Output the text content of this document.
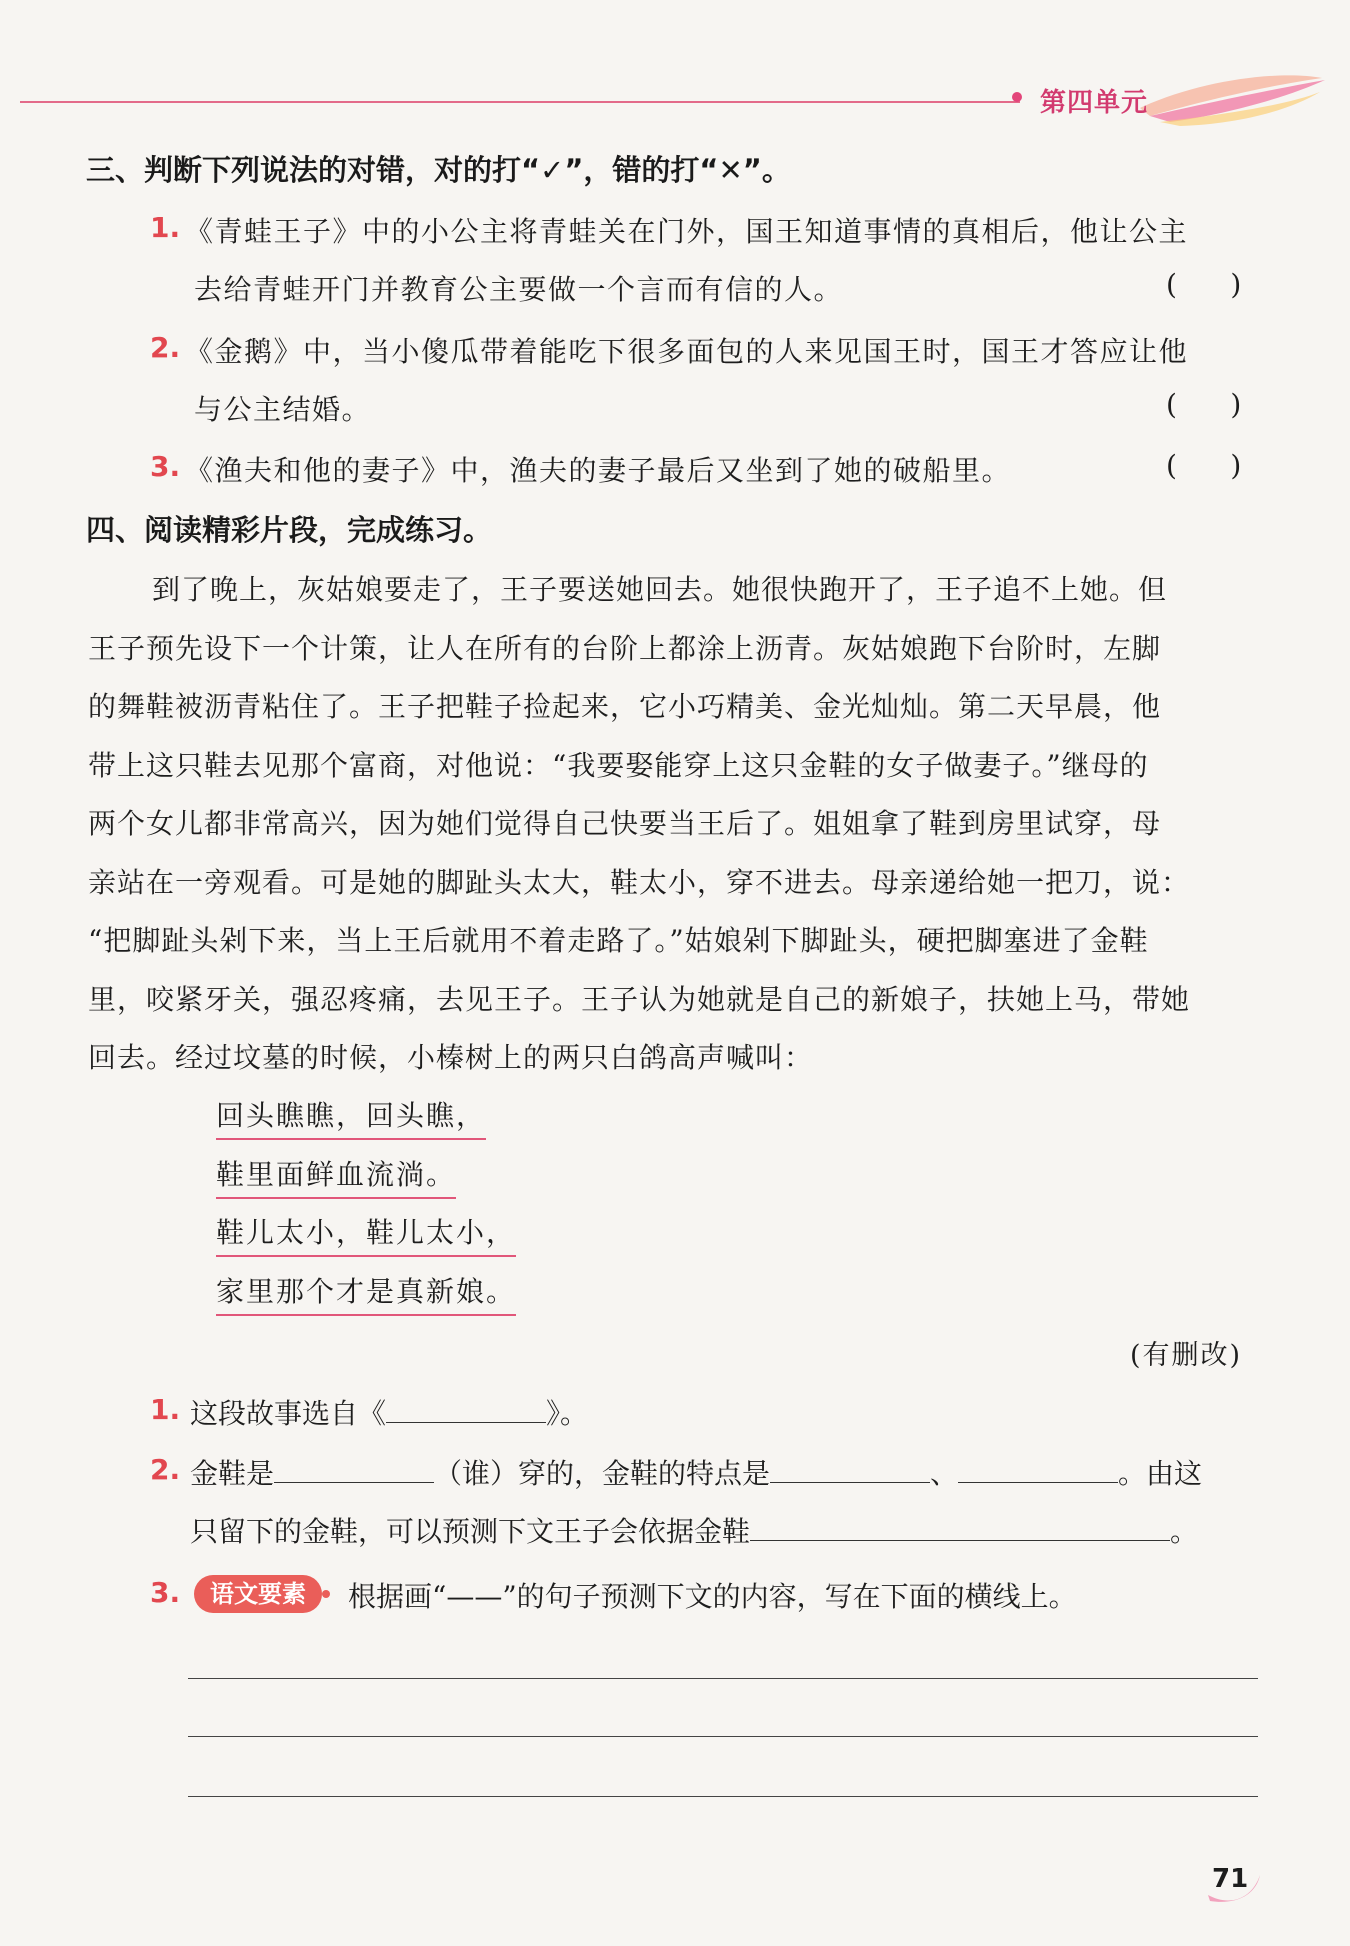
第四单元
三、判断下列说法的对错，对的打“✓”，错的打“✕”。
1. 《青蛙王子》中的小公主将青蛙关在门外，国王知道事情的真相后，他让公主
去给青蛙开门并教育公主要做一个言而有信的人。	(      )
2. 《金鹅》中，当小傻瓜带着能吃下很多面包的人来见国王时，国王才答应让他
与公主结婚。	(      )
3. 《渔夫和他的妻子》中，渔夫的妻子最后又坐到了她的破船里。	(      )
四、阅读精彩片段，完成练习。
到了晚上，灰姑娘要走了，王子要送她回去。她很快跑开了，王子追不上她。但
王子预先设下一个计策，让人在所有的台阶上都涂上沥青。灰姑娘跑下台阶时，左脚
的舞鞋被沥青粘住了。王子把鞋子捡起来，它小巧精美、金光灿灿。第二天早晨，他
带上这只鞋去见那个富商，对他说：“我要娶能穿上这只金鞋的女子做妻子。”继母的
两个女儿都非常高兴，因为她们觉得自己快要当王后了。姐姐拿了鞋到房里试穿，母
亲站在一旁观看。可是她的脚趾头太大，鞋太小，穿不进去。母亲递给她一把刀，说：
“把脚趾头剁下来，当上王后就用不着走路了。”姑娘剁下脚趾头，硬把脚塞进了金鞋
里，咬紧牙关，强忍疼痛，去见王子。王子认为她就是自己的新娘子，扶她上马，带她
回去。经过坟墓的时候，小榛树上的两只白鸽高声喊叫：
回头瞧瞧，回头瞧，
鞋里面鲜血流淌。
鞋儿太小，鞋儿太小，
家里那个才是真新娘。
(有删改)
1. 这段故事选自《	》。
2. 金鞋是	（谁）穿的，金鞋的特点是	、	。由这
只留下的金鞋，可以预测下文王子会依据金鞋	。
3.	语文要素	根据画“——”的句子预测下文的内容，写在下面的横线上。
71
